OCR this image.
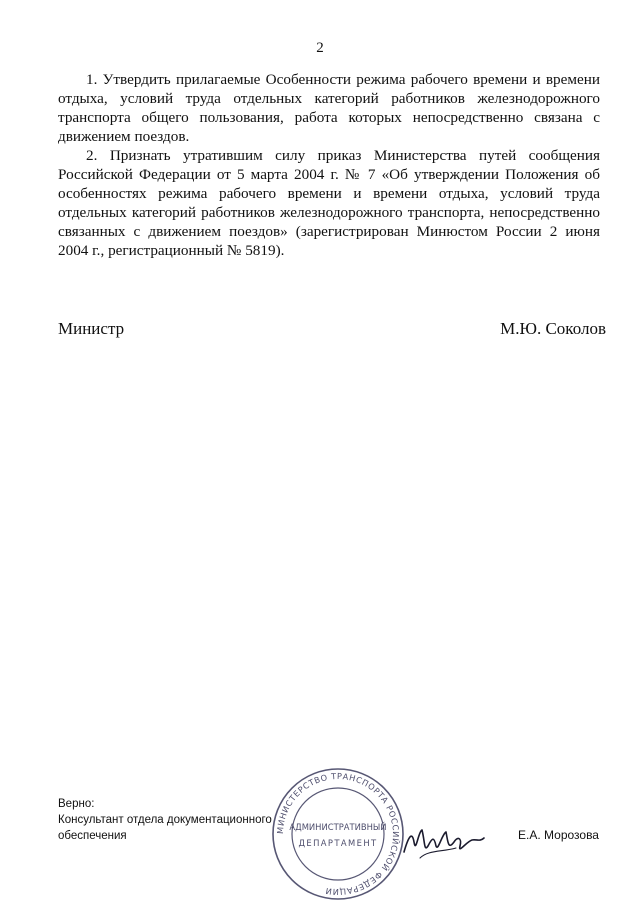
2

1. Утвердить прилагаемые Особенности режима рабочего времени и времени отдыха, условий труда отдельных категорий работников железнодорожного транспорта общего пользования, работа которых непосредственно связана с движением поездов.

2. Признать утратившим силу приказ Министерства путей сообщения Российской Федерации от 5 марта 2004 г. № 7 «Об утверждении Положения об особенностях режима рабочего времени и времени отдыха, условий труда отдельных категорий работников железнодорожного транспорта, непосредственно связанных с движением поездов» (зарегистрирован Минюстом России 2 июня 2004 г., регистрационный № 5819).

Министр	М.Ю. Соколов
Верно:
Консультант отдела документационного
обеспечения	МИНИСТЕРСТВО ТРАНСПОРТА РОССИЙСКОЙ ФЕДЕРАЦИИ
АДМИНИСТРАТИВНЫЙ
ДЕПАРТАМЕНТ
Е.А. Морозова
